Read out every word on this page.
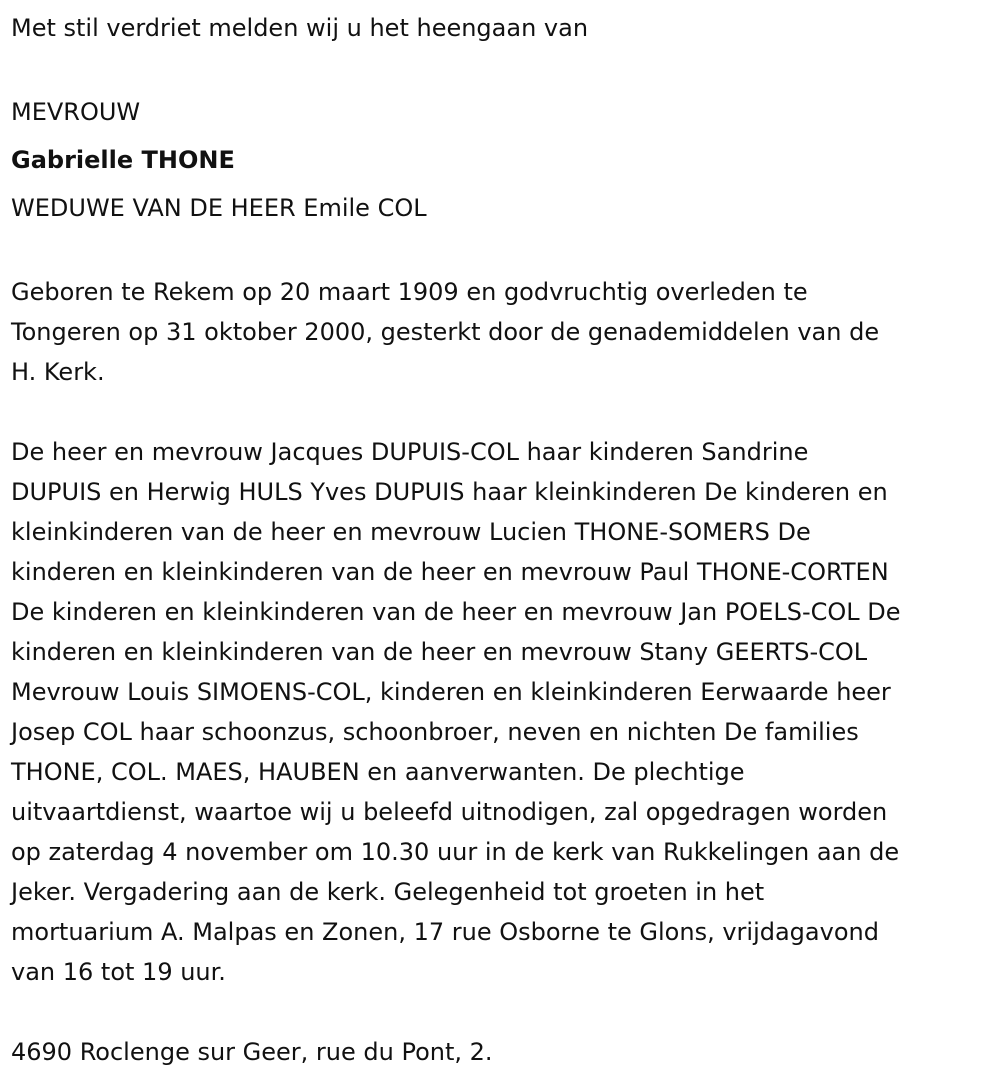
Met stil verdriet melden wij u het heengaan van

MEVROUW

Gabrielle THONE

WEDUWE VAN DE HEER Emile COL

Geboren te Rekem op 20 maart 1909 en godvruchtig overleden te
Tongeren op 31 oktober 2000, gesterkt door de genademiddelen van de
H. Kerk.

De heer en mevrouw Jacques DUPUIS-COL haar kinderen Sandrine
DUPUIS en Herwig HULS Yves DUPUIS haar kleinkinderen De kinderen en
kleinkinderen van de heer en mevrouw Lucien THONE-SOMERS De
kinderen en kleinkinderen van de heer en mevrouw Paul THONE-CORTEN
De kinderen en kleinkinderen van de heer en mevrouw Jan POELS-COL De
kinderen en kleinkinderen van de heer en mevrouw Stany GEERTS-COL
Mevrouw Louis SIMOENS-COL, kinderen en kleinkinderen Eerwaarde heer
Josep COL haar schoonzus, schoonbroer, neven en nichten De families
THONE, COL. MAES, HAUBEN en aanverwanten. De plechtige
uitvaartdienst, waartoe wij u beleefd uitnodigen, zal opgedragen worden
op zaterdag 4 november om 10.30 uur in de kerk van Rukkelingen aan de
Jeker. Vergadering aan de kerk. Gelegenheid tot groeten in het
mortuarium A. Malpas en Zonen, 17 rue Osborne te Glons, vrijdagavond
van 16 tot 19 uur.

4690 Roclenge sur Geer, rue du Pont, 2.
